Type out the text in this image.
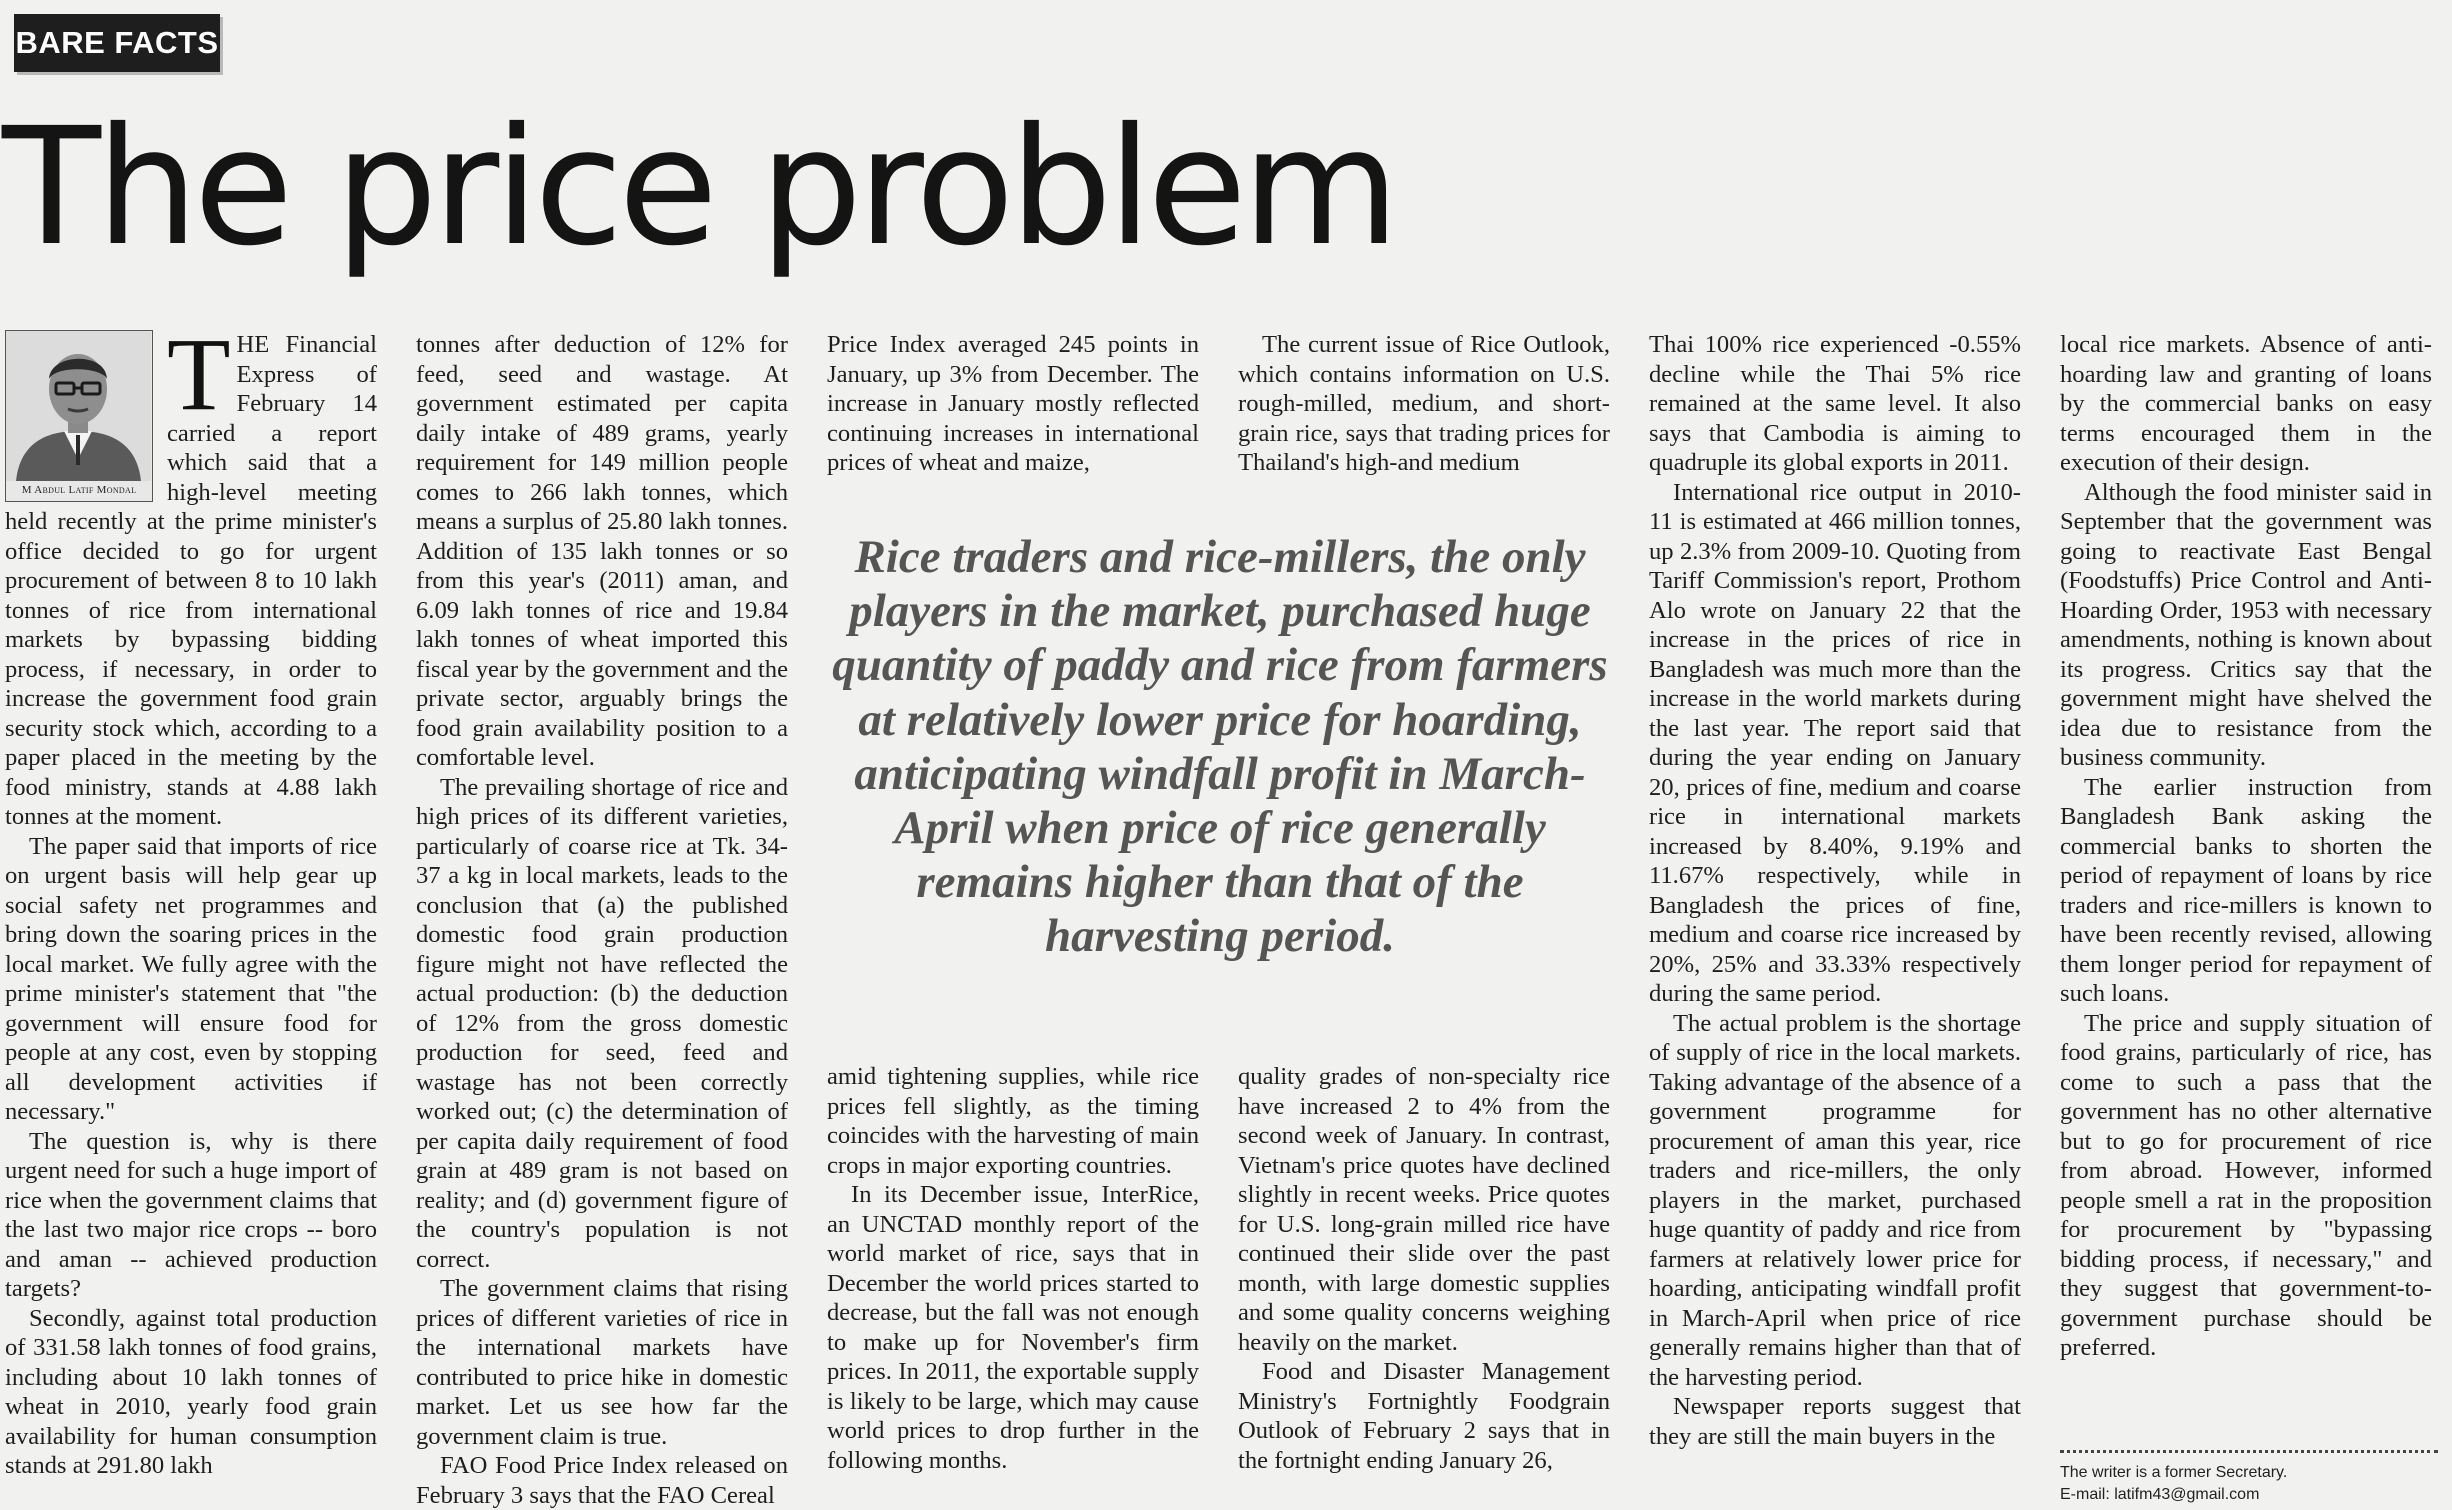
BARE FACTS
The price problem
M Abdul Latif Mondal
T HE Financial Express of February 14 carried a report which said that a high-level meeting held recently at the prime minister's office decided to go for urgent procurement of between 8 to 10 lakh tonnes of rice from international markets by bypassing bidding process, if necessary, in order to increase the government food grain security stock which, according to a paper placed in the meeting by the food ministry, stands at 4.88 lakh tonnes at the moment.

The paper said that imports of rice on urgent basis will help gear up social safety net programmes and bring down the soaring prices in the local market. We fully agree with the prime minister's statement that "the government will ensure food for people at any cost, even by stopping all development activities if necessary."

The question is, why is there urgent need for such a huge import of rice when the government claims that the last two major rice crops -- boro and aman -- achieved production targets?

Secondly, against total production of 331.58 lakh tonnes of food grains, including about 10 lakh tonnes of wheat in 2010, yearly food grain availability for human consumption stands at 291.80 lakh

tonnes after deduction of 12% for feed, seed and wastage. At government estimated per capita daily intake of 489 grams, yearly requirement for 149 million people comes to 266 lakh tonnes, which means a surplus of 25.80 lakh tonnes. Addition of 135 lakh tonnes or so from this year's (2011) aman, and 6.09 lakh tonnes of rice and 19.84 lakh tonnes of wheat imported this fiscal year by the government and the private sector, arguably brings the food grain availability position to a comfortable level.

The prevailing shortage of rice and high prices of its different varieties, particularly of coarse rice at Tk. 34-37 a kg in local markets, leads to the conclusion that (a) the published domestic food grain production figure might not have reflected the actual production: (b) the deduction of 12% from the gross domestic production for seed, feed and wastage has not been correctly worked out; (c) the determination of per capita daily requirement of food grain at 489 gram is not based on reality; and (d) government figure of the country's population is not correct.

The government claims that rising prices of different varieties of rice in the international markets have contributed to price hike in domestic market. Let us see how far the government claim is true.

FAO Food Price Index released on February 3 says that the FAO Cereal

Price Index averaged 245 points in January, up 3% from December. The increase in January mostly reflected continuing increases in international prices of wheat and maize,

amid tightening supplies, while rice prices fell slightly, as the timing coincides with the harvesting of main crops in major exporting countries.

In its December issue, InterRice, an UNCTAD monthly report of the world market of rice, says that in December the world prices started to decrease, but the fall was not enough to make up for November's firm prices. In 2011, the exportable supply is likely to be large, which may cause world prices to drop further in the following months.

The current issue of Rice Outlook, which contains information on U.S. rough-milled, medium, and short-grain rice, says that trading prices for Thailand's high-and medium

quality grades of non-specialty rice have increased 2 to 4% from the second week of January. In contrast, Vietnam's price quotes have declined slightly in recent weeks. Price quotes for U.S. long-grain milled rice have continued their slide over the past month, with large domestic supplies and some quality concerns weighing heavily on the market.

Food and Disaster Management Ministry's Fortnightly Foodgrain Outlook of February 2 says that in the fortnight ending January 26,

Rice traders and rice-millers, the only players in the market, purchased huge quantity of paddy and rice from farmers at relatively lower price for hoarding, anticipating windfall profit in March-April when price of rice generally remains higher than that of the harvesting period.

Thai 100% rice experienced -0.55% decline while the Thai 5% rice remained at the same level. It also says that Cambodia is aiming to quadruple its global exports in 2011.

International rice output in 2010-11 is estimated at 466 million tonnes, up 2.3% from 2009-10. Quoting from Tariff Commission's report, Prothom Alo wrote on January 22 that the increase in the prices of rice in Bangladesh was much more than the increase in the world markets during the last year. The report said that during the year ending on January 20, prices of fine, medium and coarse rice in international markets increased by 8.40%, 9.19% and 11.67% respectively, while in Bangladesh the prices of fine, medium and coarse rice increased by 20%, 25% and 33.33% respectively during the same period.

The actual problem is the shortage of supply of rice in the local markets. Taking advantage of the absence of a government programme for procurement of aman this year, rice traders and rice-millers, the only players in the market, purchased huge quantity of paddy and rice from farmers at relatively lower price for hoarding, anticipating windfall profit in March-April when price of rice generally remains higher than that of the harvesting period.

Newspaper reports suggest that they are still the main buyers in the

local rice markets. Absence of anti-hoarding law and granting of loans by the commercial banks on easy terms encouraged them in the execution of their design.

Although the food minister said in September that the government was going to reactivate East Bengal (Foodstuffs) Price Control and Anti-Hoarding Order, 1953 with necessary amendments, nothing is known about its progress. Critics say that the government might have shelved the idea due to resistance from the business community.

The earlier instruction from Bangladesh Bank asking the commercial banks to shorten the period of repayment of loans by rice traders and rice-millers is known to have been recently revised, allowing them longer period for repayment of such loans.

The price and supply situation of food grains, particularly of rice, has come to such a pass that the government has no other alternative but to go for procurement of rice from abroad. However, informed people smell a rat in the proposition for procurement by "bypassing bidding process, if necessary," and they suggest that government-to-government purchase should be preferred.

The writer is a former Secretary.
E-mail: latifm43@gmail.com
